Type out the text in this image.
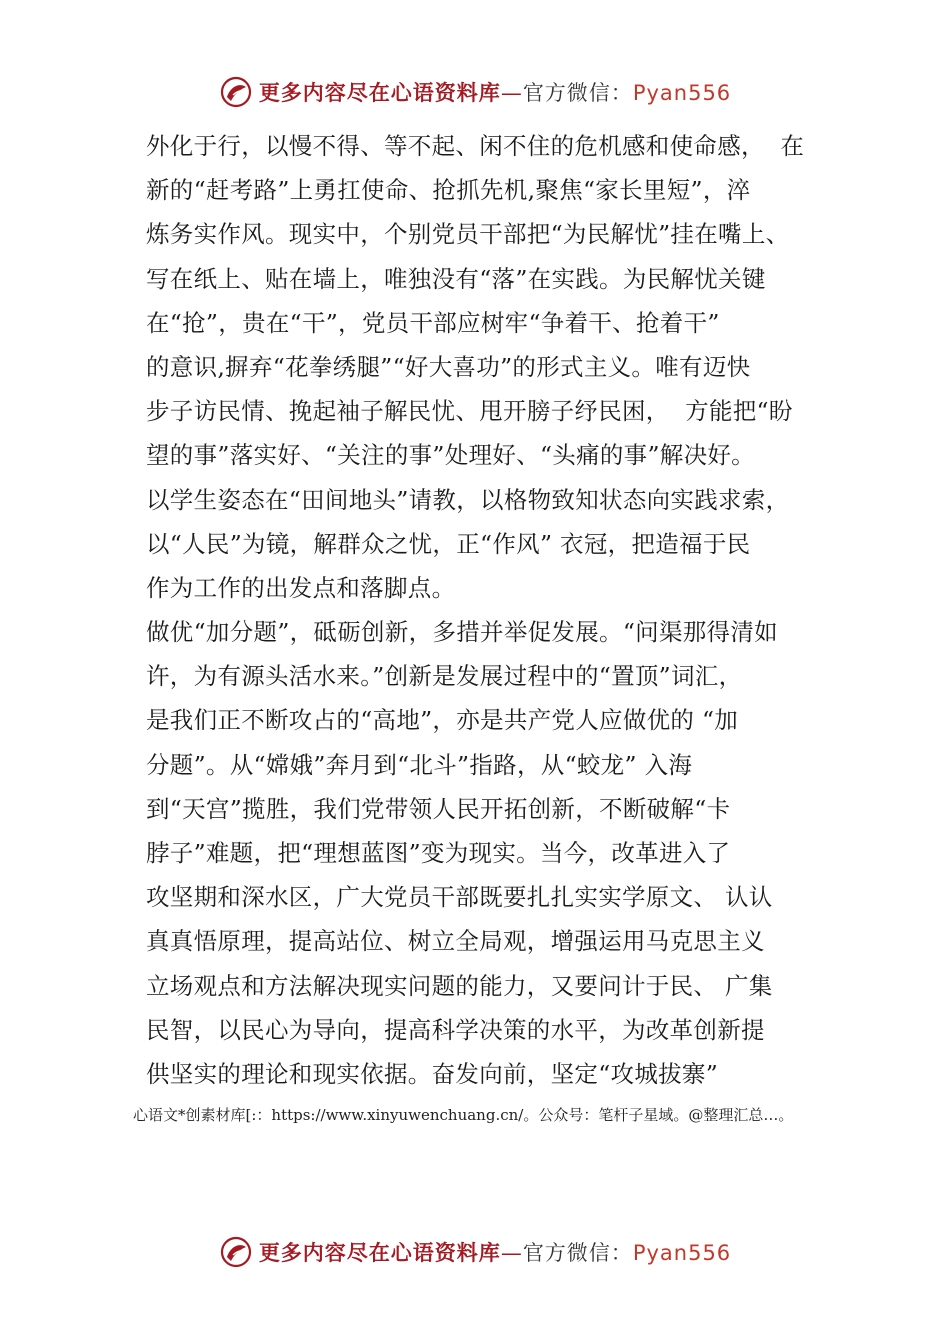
更多内容尽在心语资料库—官方微信：Pyan556
外化于行，以慢不得、等不起、闲不住的危机感和使命感，  在
新的“赶考路”上勇扛使命、抢抓先机,聚焦“家长里短”，淬
炼务实作风。现实中，个别党员干部把“为民解忧”挂在嘴上、
写在纸上、贴在墙上，唯独没有“落”在实践。为民解忧关键
在“抢”，贵在“干”，党员干部应树牢“争着干、抢着干”
的意识,摒弃“花拳绣腿”“好大喜功”的形式主义。唯有迈快
步子访民情、挽起袖子解民忧、甩开膀子纾民困，  方能把“盼
望的事”落实好、“关注的事”处理好、“头痛的事”解决好。
以学生姿态在“田间地头”请教，以格物致知状态向实践求索，
以“人民”为镜，解群众之忧，正“作风” 衣冠，把造福于民
作为工作的出发点和落脚点。
做优“加分题”，砥砺创新，多措并举促发展。“问渠那得清如
许，为有源头活水来。”创新是发展过程中的“置顶”词汇，
是我们正不断攻占的“高地”，亦是共产党人应做优的 “加
分题”。从“嫦娥”奔月到“北斗”指路，从“蛟龙” 入海
到“天宫”揽胜，我们党带领人民开拓创新，不断破解“卡
脖子”难题，把“理想蓝图”变为现实。当今，改革进入了
攻坚期和深水区，广大党员干部既要扎扎实实学原文、 认认
真真悟原理，提高站位、树立全局观，增强运用马克思主义
立场观点和方法解决现实问题的能力，又要问计于民、 广集
民智，以民心为导向，提高科学决策的水平，为改革创新提
供坚实的理论和现实依据。奋发向前，坚定“攻城拔寨”
心语文*创素材库[:：https://www.xinyuwenchuang.cn/。公众号：笔杆子星域。@整理汇总…。
更多内容尽在心语资料库—官方微信：Pyan556
